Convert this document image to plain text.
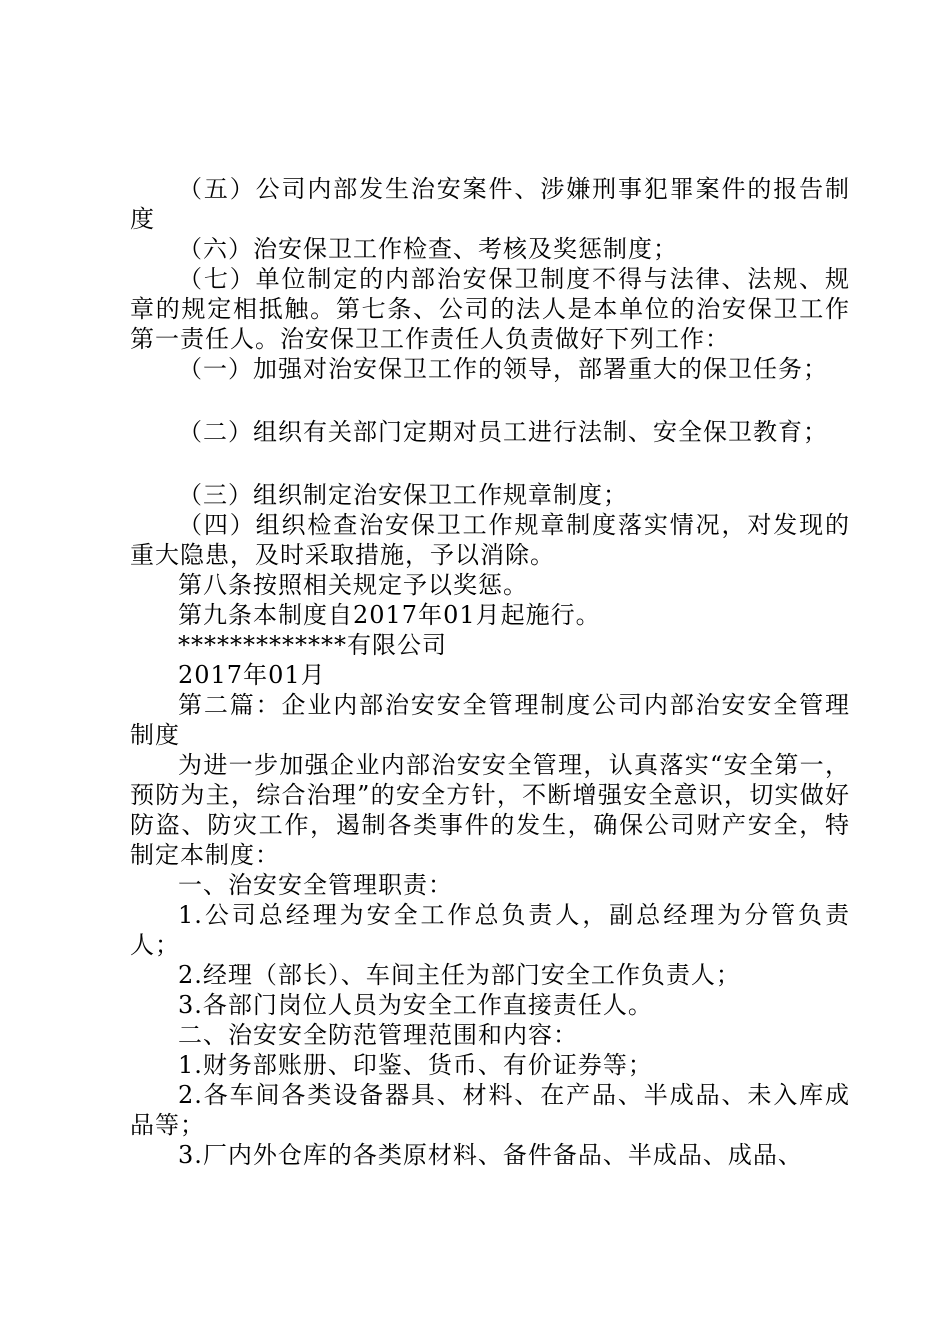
（五）公司内部发生治安案件、涉嫌刑事犯罪案件的报告制度

（六）治安保卫工作检查、考核及奖惩制度；

（七）单位制定的内部治安保卫制度不得与法律、法规、规章的规定相抵触。第七条、公司的法人是本单位的治安保卫工作第一责任人。治安保卫工作责任人负责做好下列工作：

（一）加强对治安保卫工作的领导，部署重大的保卫任务；

（二）组织有关部门定期对员工进行法制、安全保卫教育；

（三）组织制定治安保卫工作规章制度；

（四）组织检查治安保卫工作规章制度落实情况，对发现的重大隐患，及时采取措施，予以消除。

第八条按照相关规定予以奖惩。

第九条本制度自2017年01月起施行。

*************有限公司

2017年01月

第二篇：企业内部治安安全管理制度公司内部治安安全管理制度

为进一步加强企业内部治安安全管理，认真落实“安全第一，预防为主，综合治理”的安全方针，不断增强安全意识，切实做好防盗、防灾工作，遏制各类事件的发生，确保公司财产安全，特制定本制度：

一、治安安全管理职责：

1.公司总经理为安全工作总负责人，副总经理为分管负责人；

2.经理（部长）、车间主任为部门安全工作负责人；

3.各部门岗位人员为安全工作直接责任人。

二、治安安全防范管理范围和内容：

1.财务部账册、印鉴、货币、有价证券等；

2.各车间各类设备器具、材料、在产品、半成品、未入库成品等；

3.厂内外仓库的各类原材料、备件备品、半成品、成品、
